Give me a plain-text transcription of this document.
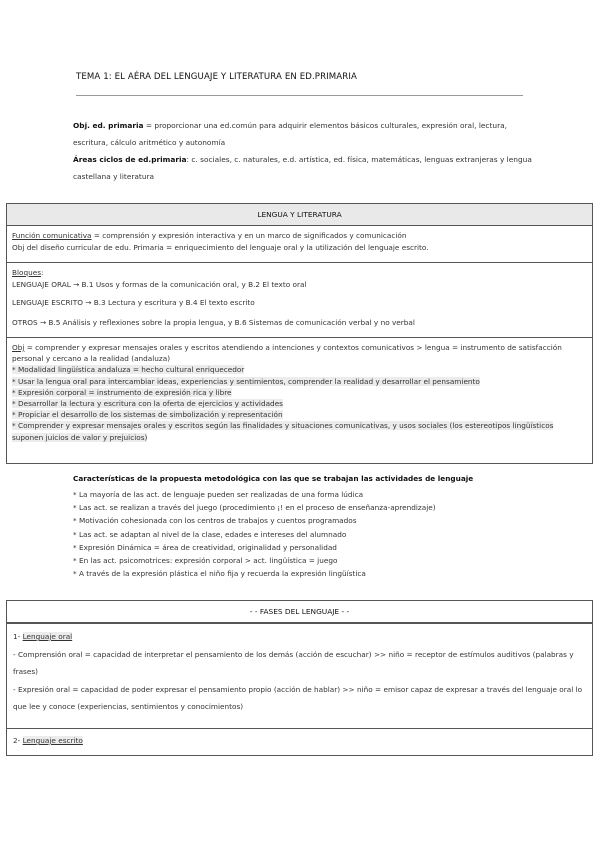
TEMA 1: EL AÉRA DEL LENGUAJE Y LITERATURA EN ED.PRIMARIA

Obj. ed. primaria = proporcionar una ed.común para adquirir elementos básicos culturales, expresión oral, lectura, escritura, cálculo aritmético y autonomía

Áreas ciclos de ed.primaria: c. sociales, c. naturales, e.d. artística, ed. física, matemáticas, lenguas extranjeras y lengua castellana y literatura

LENGUA Y LITERATURA
Función comunicativa = comprensión y expresión interactiva y en un marco de significados y comunicación
Obj del diseño curricular de edu. Primaria = enriquecimiento del lenguaje oral y la utilización del lenguaje escrito.
Bloques:
LENGUAJE ORAL → B.1 Usos y formas de la comunicación oral, y B.2 El texto oral
LENGUAJE ESCRITO → B.3 Lectura y escritura y B.4 El texto escrito
OTROS → B.5 Análisis y reflexiones sobre la propia lengua, y B.6 Sistemas de comunicación verbal y no verbal
Obj = comprender y expresar mensajes orales y escritos atendiendo a intenciones y contextos comunicativos > lengua = instrumento de satisfacción personal y cercano a la realidad (andaluza)
* Modalidad lingüística andaluza = hecho cultural enriquecedor
* Usar la lengua oral para intercambiar ideas, experiencias y sentimientos, comprender la realidad y desarrollar el pensamiento
* Expresión corporal = instrumento de expresión rica y libre
* Desarrollar la lectura y escritura con la oferta de ejercicios y actividades
* Propiciar el desarrollo de los sistemas de simbolización y representación
* Comprender y expresar mensajes orales y escritos según las finalidades y situaciones comunicativas, y usos sociales (los estereotipos lingüísticos suponen juicios de valor y prejuicios)
Características de la propuesta metodológica con las que se trabajan las actividades de lenguaje
* La mayoría de las act. de lenguaje pueden ser realizadas de una forma lúdica
* Las act. se realizan a través del juego (procedimiento ¡! en el proceso de enseñanza-aprendizaje)
* Motivación cohesionada con los centros de trabajos y cuentos programados
* Las act. se adaptan al nivel de la clase, edades e intereses del alumnado
* Expresión Dinámica = área de creatividad, originalidad y personalidad
* En las act. psicomotrices: expresión corporal > act. lingüística = juego
* A través de la expresión plástica el niño fija y recuerda la expresión lingüística
- - FASES DEL LENGUAJE - -
1- Lenguaje oral
- Comprensión oral = capacidad de interpretar el pensamiento de los demás (acción de escuchar) >> niño = receptor de estímulos auditivos (palabras y frases)
- Expresión oral = capacidad de poder expresar el pensamiento propio (acción de hablar) >> niño = emisor capaz de expresar a través del lenguaje oral lo que lee y conoce (experiencias, sentimientos y conocimientos)
2- Lenguaje escrito
